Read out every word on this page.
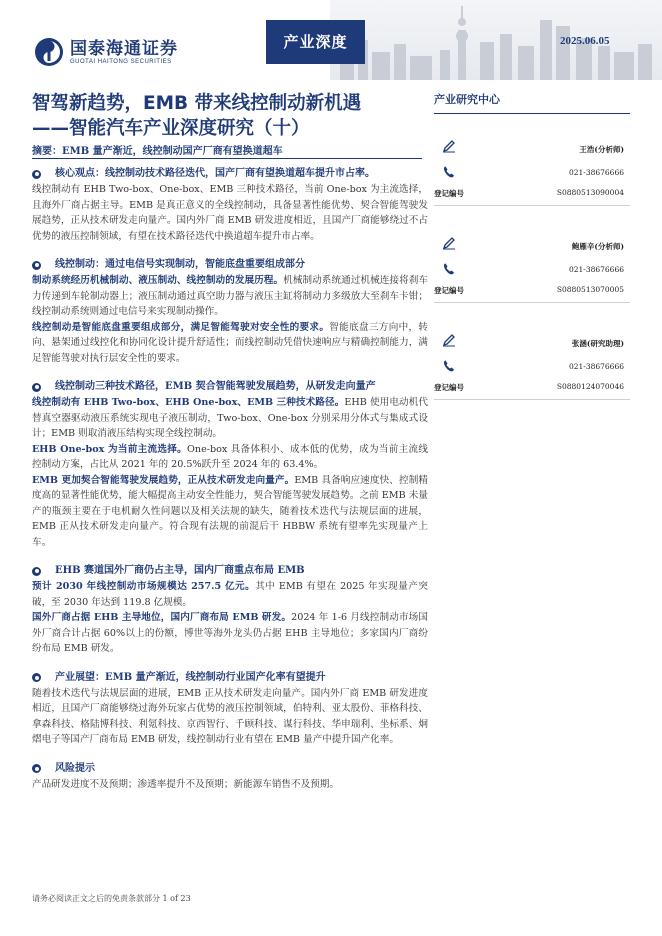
国泰海通证券
GUOTAI HAITONG SECURITIES
产业深度	2025.06.05
智驾新趋势，EMB 带来线控制动新机遇
——智能汽车产业深度研究（十）
摘要：EMB 量产渐近，线控制动国产厂商有望换道超车
核心观点：线控制动技术路径迭代，国产厂商有望换道超车提升市占率。
线控制动有 EHB Two-box、One-box、EMB 三种技术路径，当前 One-box 为主流选择，且海外厂商占据主导。EMB 是真正意义的全线控制动，具备显著性能优势、契合智能驾驶发展趋势，正从技术研发走向量产。国内外厂商 EMB 研发进度相近，且国产厂商能够绕过不占优势的液压控制领域，有望在技术路径迭代中换道超车提升市占率。
线控制动：通过电信号实现制动，智能底盘重要组成部分
制动系统经历机械制动、液压制动、线控制动的发展历程。机械制动系统通过机械连接将刹车力传递到车轮制动器上；液压制动通过真空助力器与液压主缸将制动力多级放大至刹车卡钳；线控制动系统则通过电信号来实现制动操作。
线控制动是智能底盘重要组成部分，满足智能驾驶对安全性的要求。智能底盘三方向中，转向、悬架通过线控化和协同化设计提升舒适性；而线控制动凭借快速响应与精确控制能力，满足智能驾驶对执行层安全性的要求。
线控制动三种技术路径，EMB 契合智能驾驶发展趋势，从研发走向量产
线控制动有 EHB Two-box、EHB One-box、EMB 三种技术路径。EHB 使用电动机代替真空器驱动液压系统实现电子液压制动，Two-box、One-box 分别采用分体式与集成式设计；EMB 则取消液压结构实现全线控制动。
EHB One-box 为当前主流选择。One-box 具备体积小、成本低的优势，成为当前主流线控制动方案，占比从 2021 年的 20.5%跃升至 2024 年的 63.4%。
EMB 更加契合智能驾驶发展趋势，正从技术研发走向量产。EMB 具备响应速度快、控制精度高的显著性能优势，能大幅提高主动安全性能力，契合智能驾驶发展趋势。之前 EMB 未量产的瓶颈主要在于电机耐久性问题以及相关法规的缺失，随着技术迭代与法规层面的进展，EMB 正从技术研发走向量产。符合现有法规的前混后干 HBBW 系统有望率先实现量产上车。
EHB 赛道国外厂商仍占主导，国内厂商重点布局 EMB
预计 2030 年线控制动市场规模达 257.5 亿元。其中 EMB 有望在 2025 年实现量产突破，至 2030 年达到 119.8 亿规模。
国外厂商占据 EHB 主导地位，国内厂商布局 EMB 研发。2024 年 1-6 月线控制动市场国外厂商合计占据 60%以上的份额，博世等海外龙头仍占据 EHB 主导地位；多家国内厂商纷纷布局 EMB 研发。
产业展望：EMB 量产渐近，线控制动行业国产化率有望提升
随着技术迭代与法规层面的进展，EMB 正从技术研发走向量产。国内外厂商 EMB 研发进度相近，且国产厂商能够绕过海外玩家占优势的液压控制领域，伯特利、亚太股份、菲格科技、拿森科技、格陆博科技、利氪科技、京西智行、千顾科技、谋行科技、华申瑞利、坐标系、炯熠电子等国产厂商布局 EMB 研发，线控制动行业有望在 EMB 量产中提升国产化率。
风险提示
产品研发进度不及预期；渗透率提升不及预期；新能源车销售不及预期。
产业研究中心
王浩(分析师)
021-38676666
登记编号	S0880513090004
鲍雁辛(分析师)
021-38676666
登记编号	S0880513070005
张涵(研究助理)
021-38676666
登记编号	S0880124070046
请务必阅读正文之后的免责条款部分 1 of 23
